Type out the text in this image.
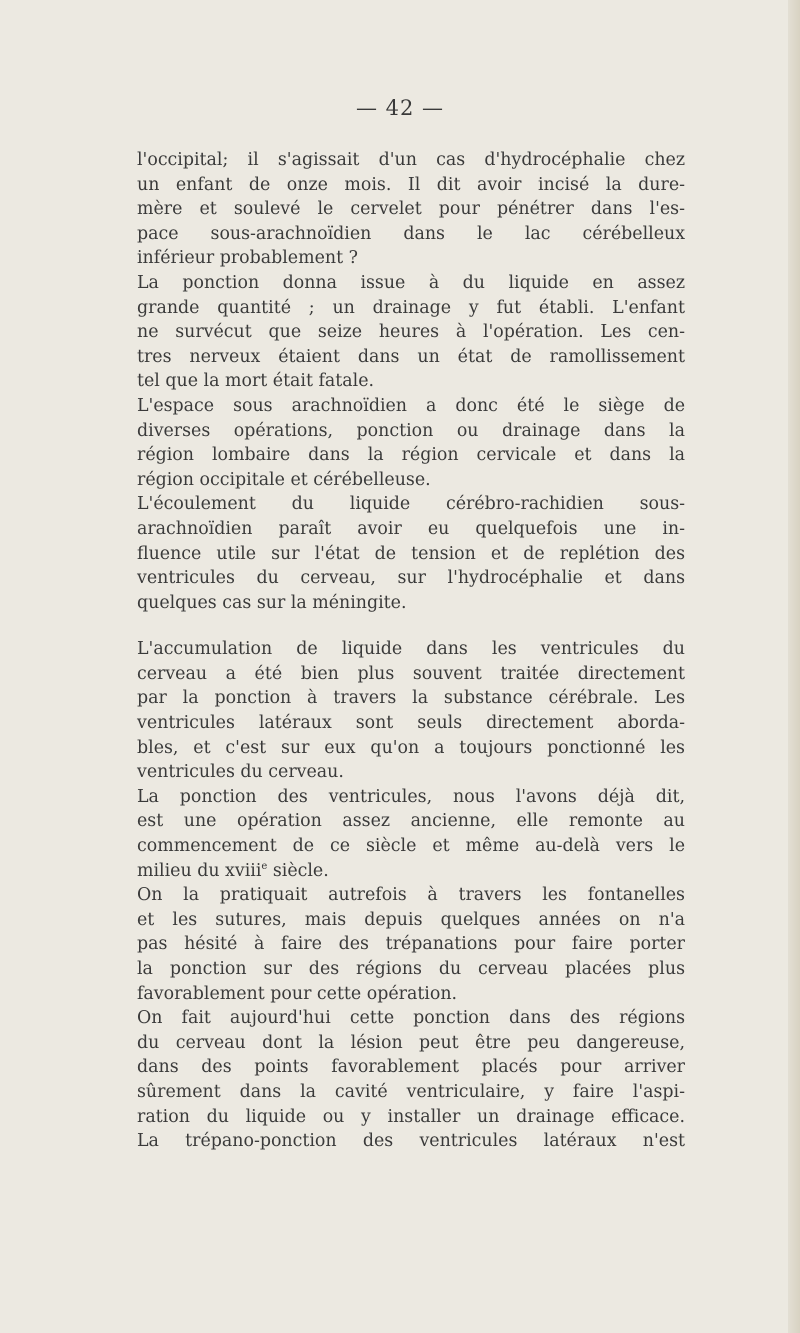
— 42 —

l'occipital; il s'agissait d'un cas d'hydrocéphalie chez
un enfant de onze mois. Il dit avoir incisé la dure-
mère et soulevé le cervelet pour pénétrer dans l'es-
pace sous-arachnoïdien dans le lac cérébelleux
inférieur probablement ?

La ponction donna issue à du liquide en assez
grande quantité ; un drainage y fut établi. L'enfant
ne survécut que seize heures à l'opération. Les cen-
tres nerveux étaient dans un état de ramollissement
tel que la mort était fatale.

L'espace sous arachnoïdien a donc été le siège de
diverses opérations, ponction ou drainage dans la
région lombaire dans la région cervicale et dans la
région occipitale et cérébelleuse.

L'écoulement du liquide cérébro-rachidien sous-
arachnoïdien paraît avoir eu quelquefois une in-
fluence utile sur l'état de tension et de replétion des
ventricules du cerveau, sur l'hydrocéphalie et dans
quelques cas sur la méningite.

L'accumulation de liquide dans les ventricules du
cerveau a été bien plus souvent traitée directement
par la ponction à travers la substance cérébrale. Les
ventricules latéraux sont seuls directement aborda-
bles, et c'est sur eux qu'on a toujours ponctionné les
ventricules du cerveau.

La ponction des ventricules, nous l'avons déjà dit,
est une opération assez ancienne, elle remonte au
commencement de ce siècle et même au-delà vers le
milieu du xviii$^e$ siècle.
On la pratiquait autrefois à travers les fontanelles
et les sutures, mais depuis quelques années on n'a
pas hésité à faire des trépanations pour faire porter
la ponction sur des régions du cerveau placées plus
favorablement pour cette opération.

On fait aujourd'hui cette ponction dans des régions
du cerveau dont la lésion peut être peu dangereuse,
dans des points favorablement placés pour arriver
sûrement dans la cavité ventriculaire, y faire l'aspi-
ration du liquide ou y installer un drainage efficace.
La trépano-ponction des ventricules latéraux n'est
